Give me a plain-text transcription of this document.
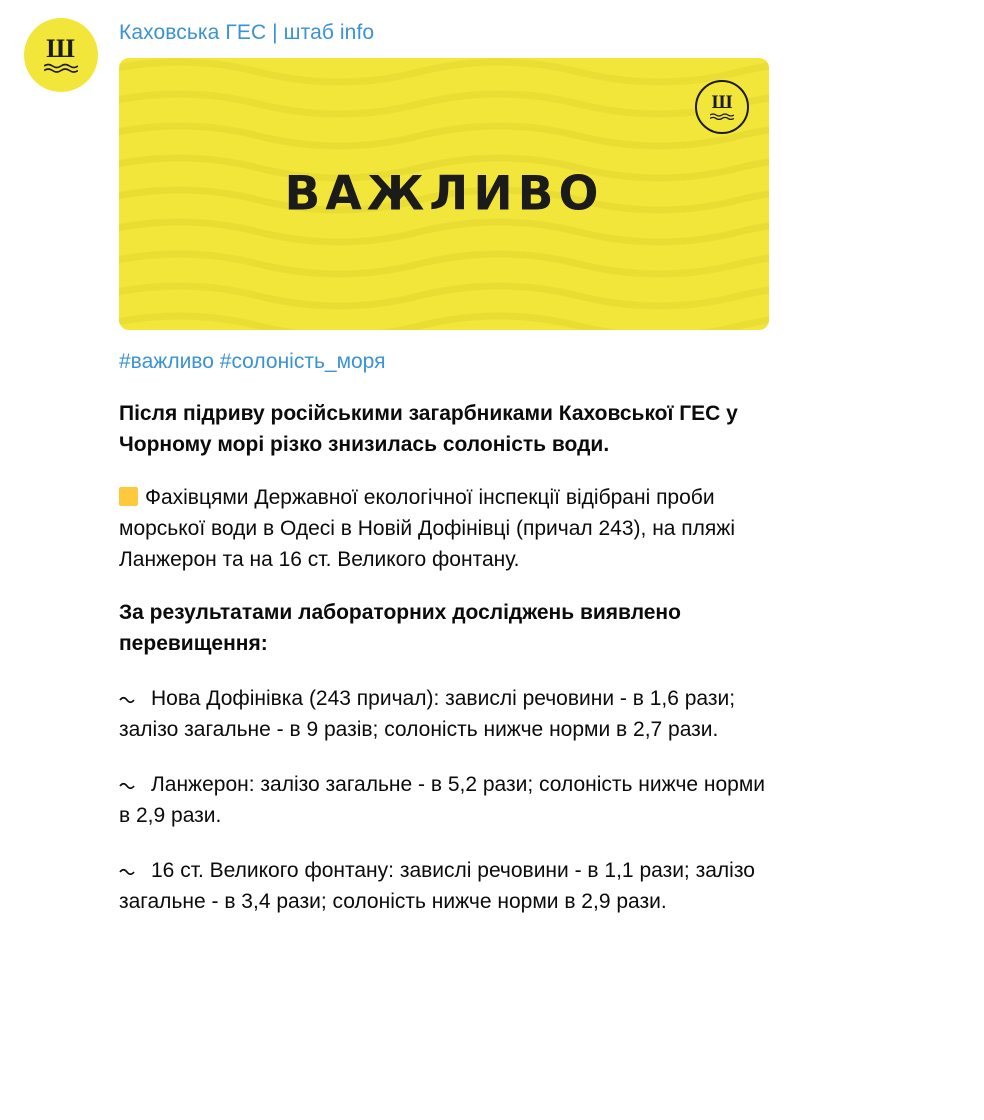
Ш
Каховська ГЕС | штаб info
ВАЖЛИВО
Ш
#важливо #солоність_моря

Після підриву російськими загарбниками Каховської ГЕС у Чорному морі різко знизилась солоність води.

Фахівцями Державної екологічної інспекції відібрані проби морської води в Одесі в Новій Дофінівці (причал 243), на пляжі Ланжерон та на 16 ст. Великого фонтану.

За результатами лабораторних досліджень виявлено перевищення:

Нова Дофінівка (243 причал): завислі речовини - в 1,6 рази; залізо загальне - в 9 разів; солоність нижче норми в 2,7 рази.

Ланжерон: залізо загальне - в 5,2 рази; солоність нижче норми в 2,9 рази.

16 ст. Великого фонтану: завислі речовини - в 1,1 рази; залізо загальне - в 3,4 рази; солоність нижче норми в 2,9 рази.
